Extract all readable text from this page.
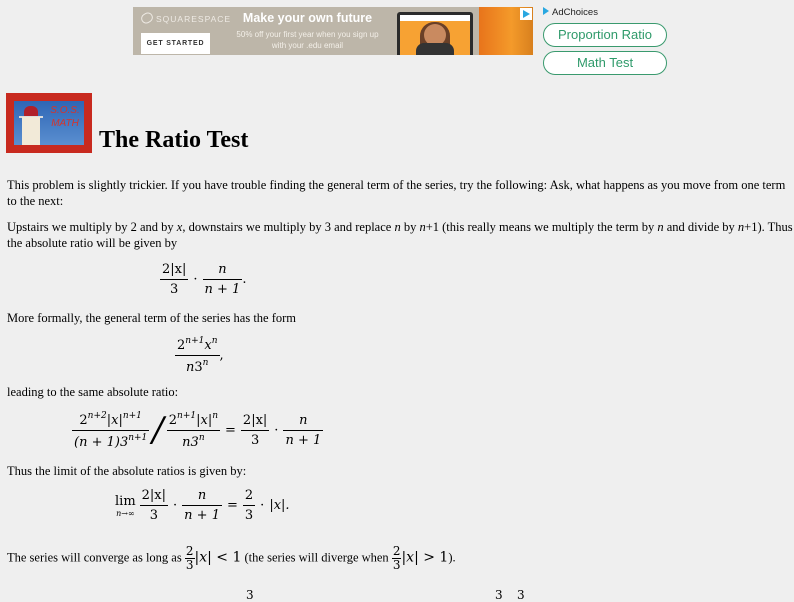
SQUARESPACE
GET STARTED
Make your own future
50% off your first year when you sign up with your .edu email
AdChoices
Proportion Ratio
Math Test
S.O.S.
MATH
The Ratio Test

This problem is slightly trickier. If you have trouble finding the general term of the series, try the following: Ask, what happens as you move from one term to the next:

Upstairs we multiply by 2 and by x, downstairs we multiply by 3 and replace n by n+1 (this really means we multiply the term by n and divide by n+1). Thus the absolute ratio will be given by

$\frac{2|x|}{3} \cdot \frac{n}{n + 1}$ .

More formally, the general term of the series has the form

$\frac{2^{n+1}x^n}{n3^n}$ ,

leading to the same absolute ratio:

$\frac{2^{n+2}|x|^{n+1}}{(n + 1)3^{n+1}} / \frac{2^{n+1}|x|^n}{n3^n} = \frac{2|x|}{3} \cdot \frac{n}{n + 1}$

Thus the limit of the absolute ratios is given by:

lim
$n\to\infty \frac{2|x|}{3} \cdot \frac{n}{n + 1} = \frac{2}{3} \cdot |x|$.

The series will converge as long as $\frac{2}{3}|x| < 1$ (the series will diverge when $\frac{2}{3}|x| > 1$).

3	3 3
